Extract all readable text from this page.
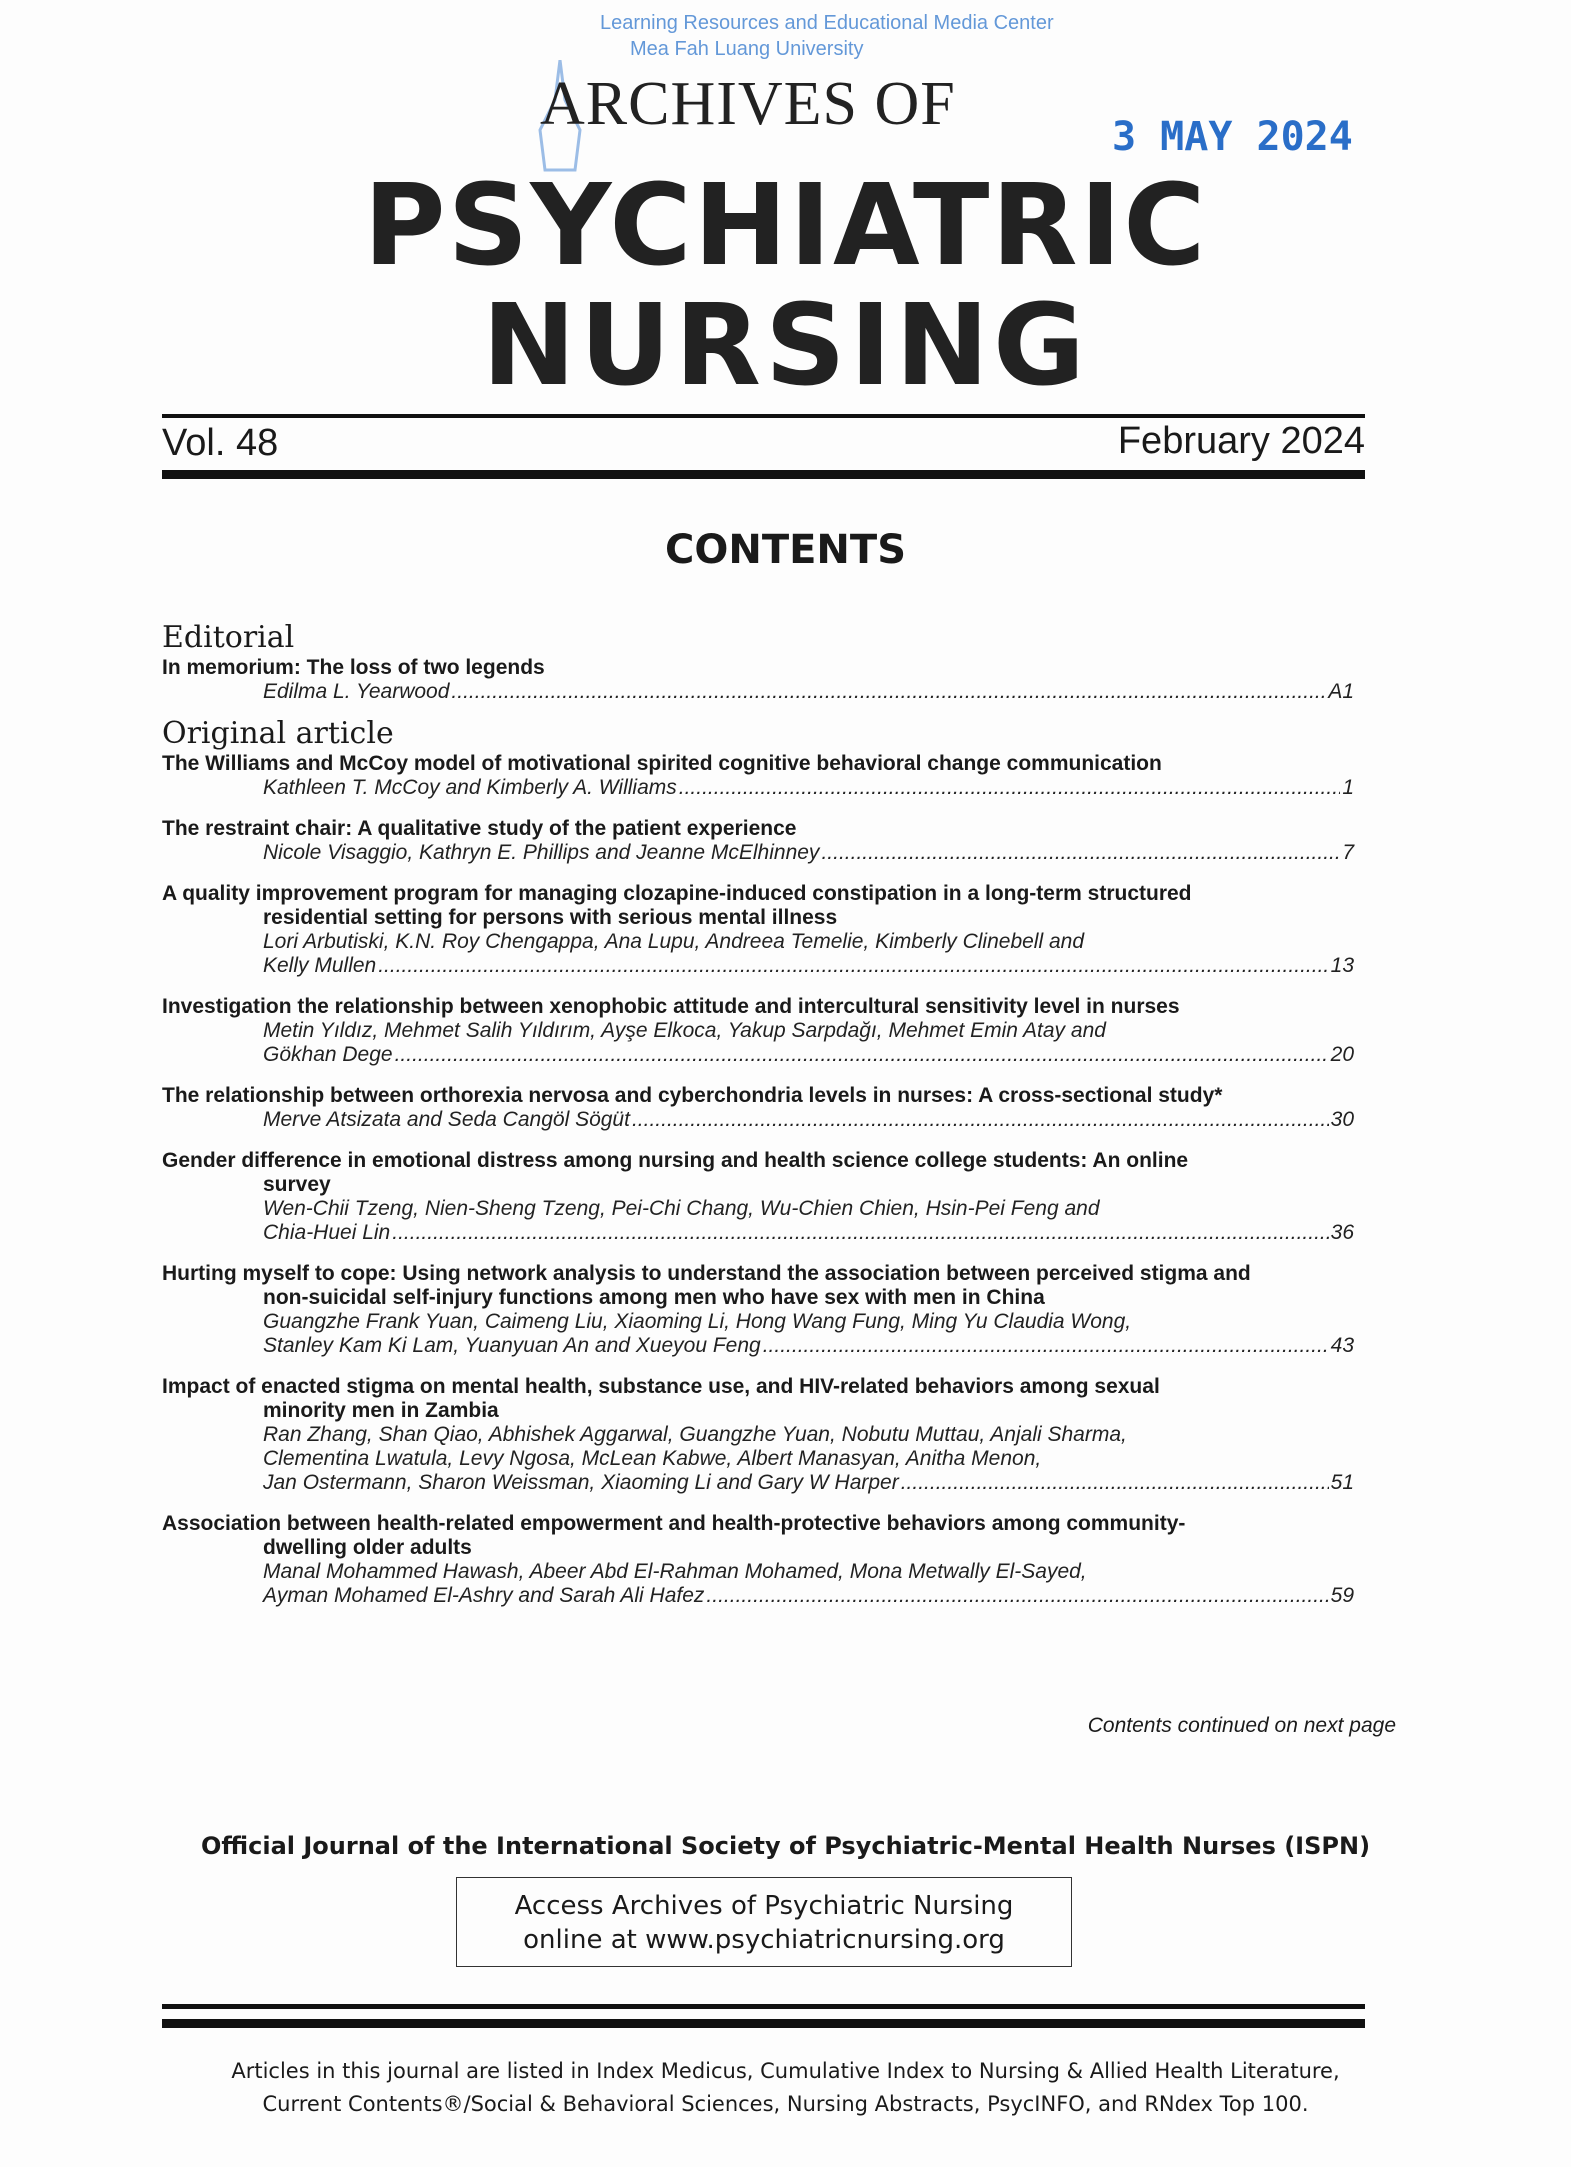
Learning Resources and Educational Media Center
Mea Fah Luang University
ARCHIVES OF	3 MAY 2024
PSYCHIATRIC
NURSING
Vol. 48	February 2024
CONTENTS
Editorial
In memorium: The loss of two legends
Edilma L. Yearwood .....	A1
Original article
The Williams and McCoy model of motivational spirited cognitive behavioral change communication
Kathleen T. McCoy and Kimberly A. Williams .....	1
The restraint chair: A qualitative study of the patient experience
Nicole Visaggio, Kathryn E. Phillips and Jeanne McElhinney .....	7
A quality improvement program for managing clozapine-induced constipation in a long-term structured
residential setting for persons with serious mental illness
Lori Arbutiski, K.N. Roy Chengappa, Ana Lupu, Andreea Temelie, Kimberly Clinebell and
Kelly Mullen .....	13
Investigation the relationship between xenophobic attitude and intercultural sensitivity level in nurses
Metin Yıldız, Mehmet Salih Yıldırım, Ayşe Elkoca, Yakup Sarpdağı, Mehmet Emin Atay and
Gökhan Dege .....	20
The relationship between orthorexia nervosa and cyberchondria levels in nurses: A cross-sectional study*
Merve Atsizata and Seda Cangöl Sögüt .....	30
Gender difference in emotional distress among nursing and health science college students: An online
survey
Wen-Chii Tzeng, Nien-Sheng Tzeng, Pei-Chi Chang, Wu-Chien Chien, Hsin-Pei Feng and
Chia-Huei Lin .....	36
Hurting myself to cope: Using network analysis to understand the association between perceived stigma and
non-suicidal self-injury functions among men who have sex with men in China
Guangzhe Frank Yuan, Caimeng Liu, Xiaoming Li, Hong Wang Fung, Ming Yu Claudia Wong,
Stanley Kam Ki Lam, Yuanyuan An and Xueyou Feng .....	43
Impact of enacted stigma on mental health, substance use, and HIV-related behaviors among sexual
minority men in Zambia
Ran Zhang, Shan Qiao, Abhishek Aggarwal, Guangzhe Yuan, Nobutu Muttau, Anjali Sharma,
Clementina Lwatula, Levy Ngosa, McLean Kabwe, Albert Manasyan, Anitha Menon,
Jan Ostermann, Sharon Weissman, Xiaoming Li and Gary W Harper .....	51
Association between health-related empowerment and health-protective behaviors among community-
dwelling older adults
Manal Mohammed Hawash, Abeer Abd El-Rahman Mohamed, Mona Metwally El-Sayed,
Ayman Mohamed El-Ashry and Sarah Ali Hafez .....	59
Contents continued on next page
Official Journal of the International Society of Psychiatric-Mental Health Nurses (ISPN)
Access Archives of Psychiatric Nursing
online at www.psychiatricnursing.org
Articles in this journal are listed in Index Medicus, Cumulative Index to Nursing & Allied Health Literature,
Current Contents®/Social & Behavioral Sciences, Nursing Abstracts, PsycINFO, and RNdex Top 100.
